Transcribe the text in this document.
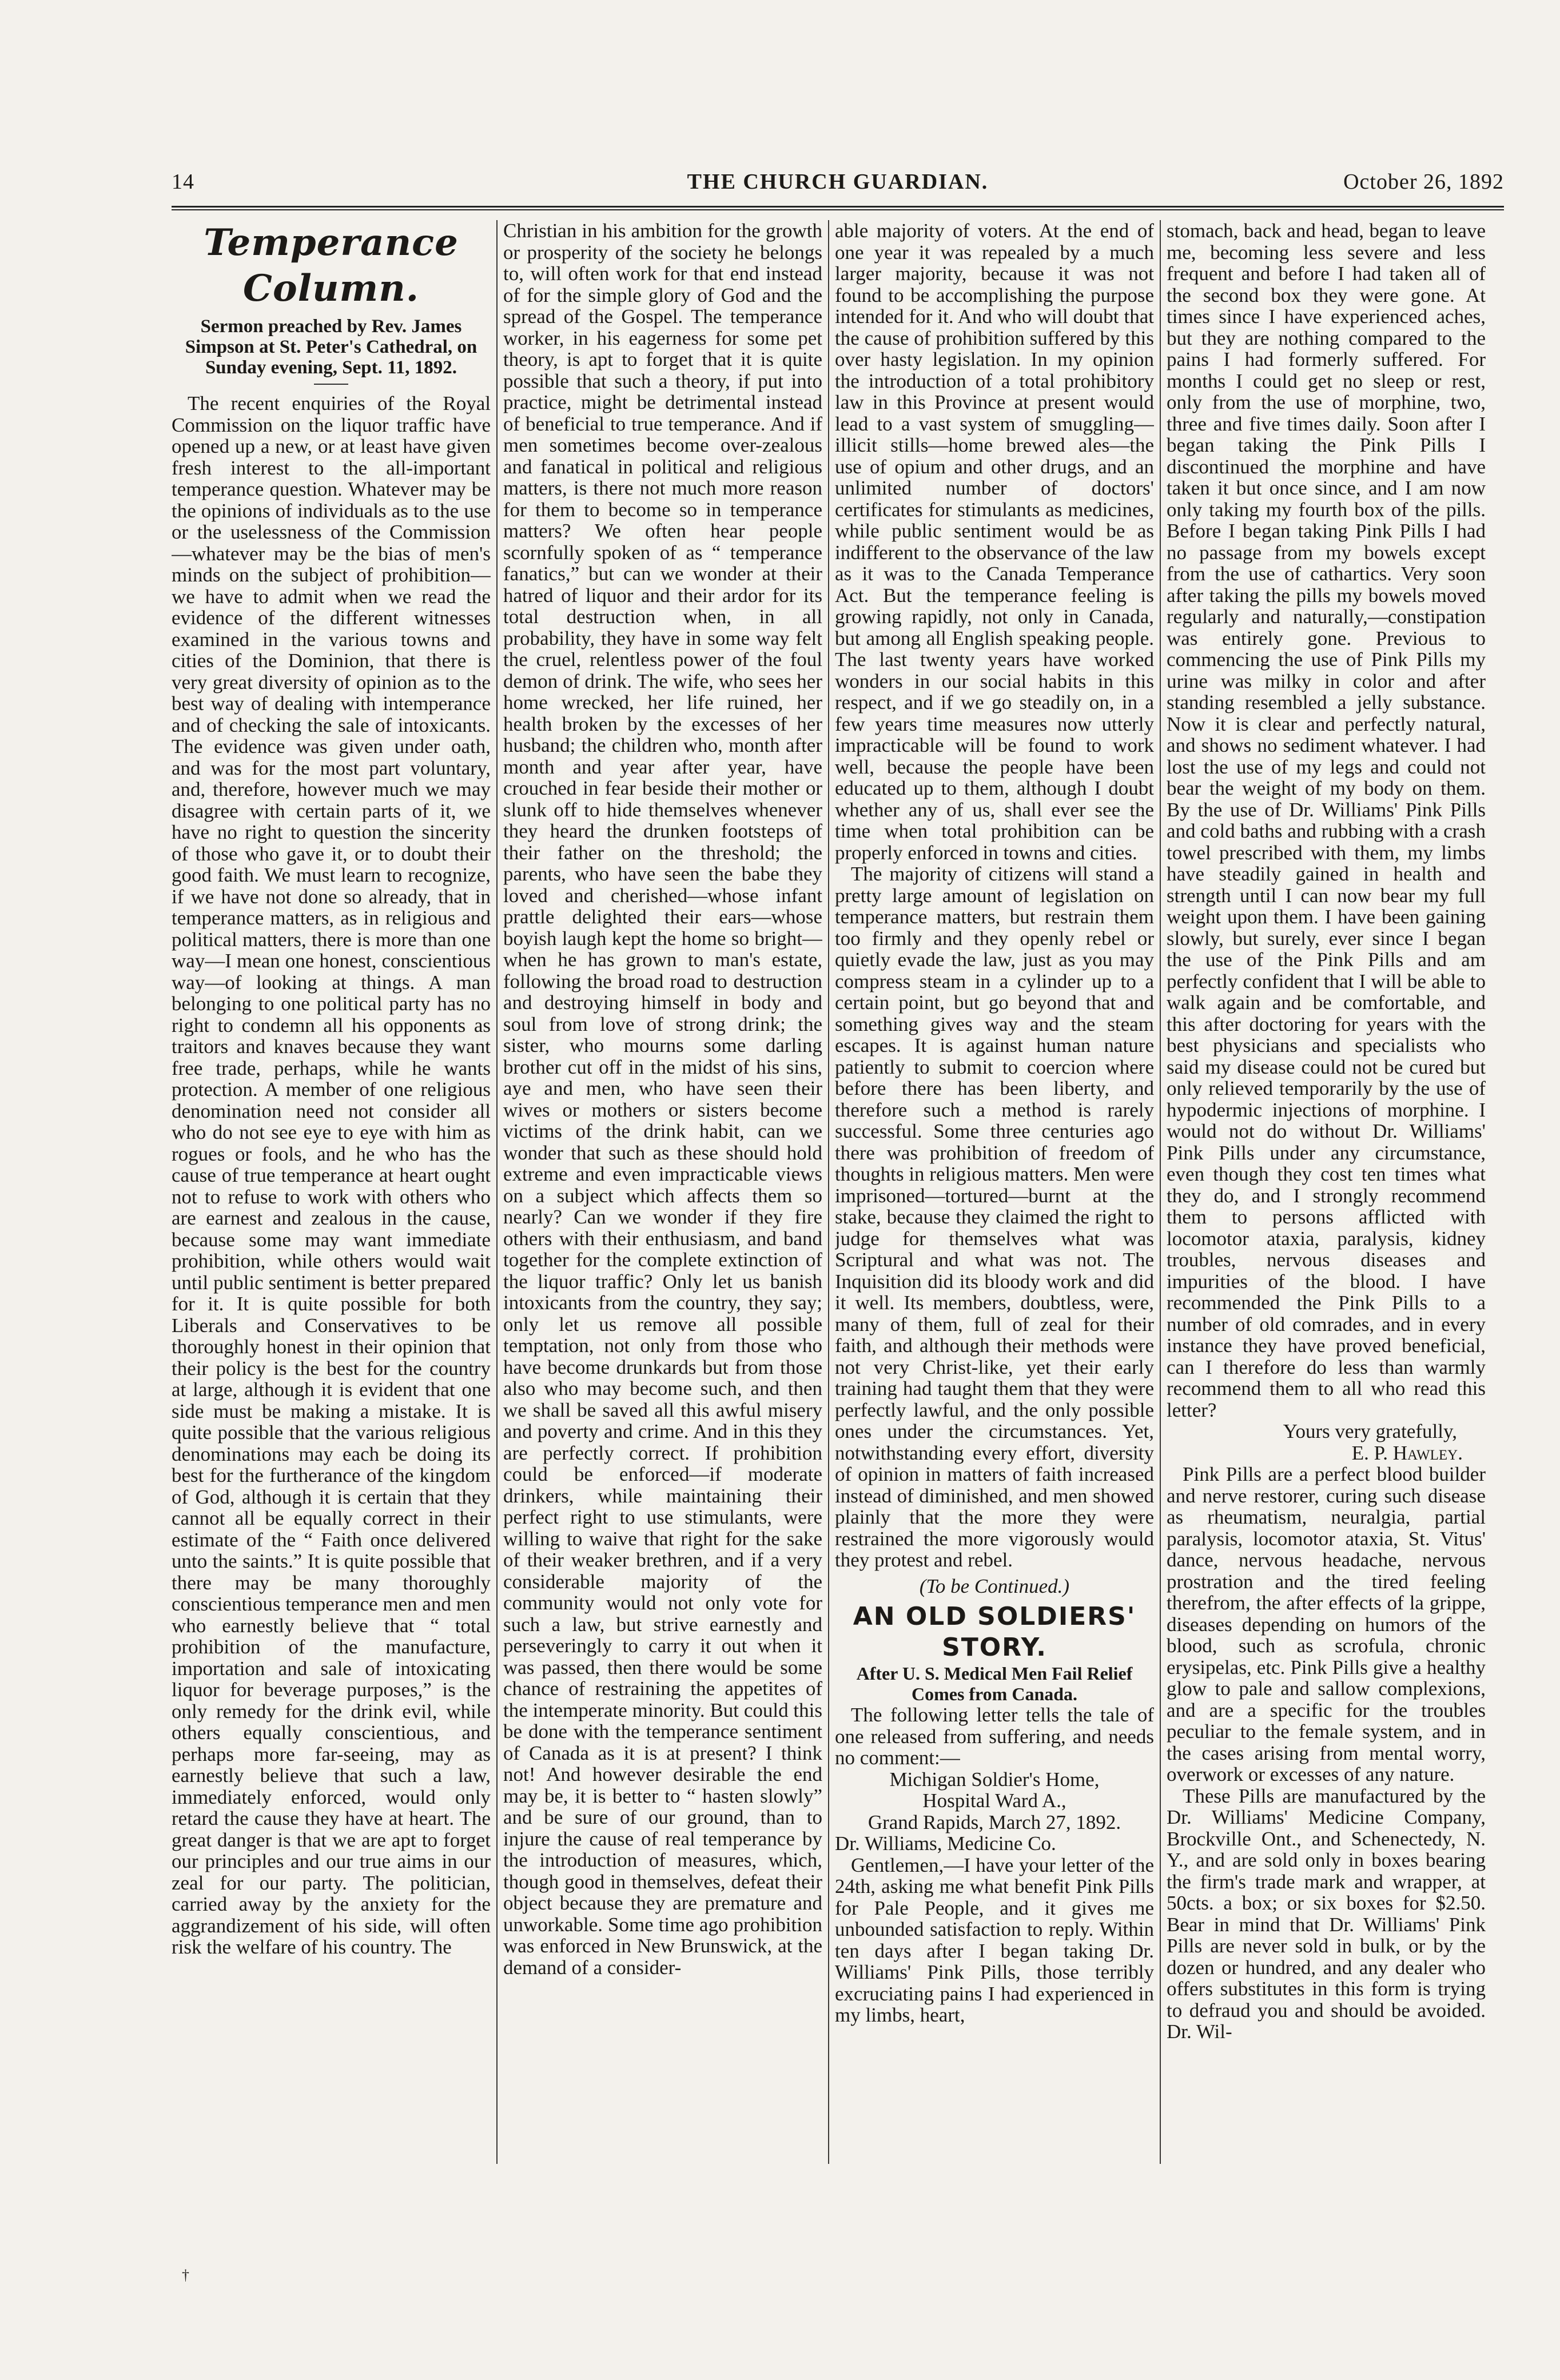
14	THE CHURCH GUARDIAN.	October 26, 1892

Temperance Column.

Sermon preached by Rev. James Simpson at St. Peter's Cathedral, on Sunday evening, Sept. 11, 1892.

The recent enquiries of the Royal Commission on the liquor traffic have opened up a new, or at least have given fresh interest to the all-important temperance question. Whatever may be the opinions of individuals as to the use or the uselessness of the Commission—whatever may be the bias of men's minds on the subject of prohibition—we have to admit when we read the evidence of the different witnesses examined in the various towns and cities of the Dominion, that there is very great diversity of opinion as to the best way of dealing with intemperance and of checking the sale of intoxicants. The evidence was given under oath, and was for the most part voluntary, and, therefore, however much we may disagree with certain parts of it, we have no right to question the sincerity of those who gave it, or to doubt their good faith. We must learn to recognize, if we have not done so already, that in temperance matters, as in religious and political matters, there is more than one way—I mean one honest, conscientious way—of looking at things. A man belonging to one political party has no right to condemn all his opponents as traitors and knaves because they want free trade, perhaps, while he wants protection. A member of one religious denomination need not consider all who do not see eye to eye with him as rogues or fools, and he who has the cause of true temperance at heart ought not to refuse to work with others who are earnest and zealous in the cause, because some may want immediate prohibition, while others would wait until public sentiment is better prepared for it. It is quite possible for both Liberals and Conservatives to be thoroughly honest in their opinion that their policy is the best for the country at large, although it is evident that one side must be making a mistake. It is quite possible that the various religious denominations may each be doing its best for the furtherance of the kingdom of God, although it is certain that they cannot all be equally correct in their estimate of the “ Faith once delivered unto the saints.” It is quite possible that there may be many thoroughly conscientious temperance men and men who earnestly believe that “ total prohibition of the manufacture, importation and sale of intoxicating liquor for beverage purposes,” is the only remedy for the drink evil, while others equally conscientious, and perhaps more far-seeing, may as earnestly believe that such a law, immediately enforced, would only retard the cause they have at heart. The great danger is that we are apt to forget our principles and our true aims in our zeal for our party. The politician, carried away by the anxiety for the aggrandizement of his side, will often risk the welfare of his country. The

Christian in his ambition for the growth or prosperity of the society he belongs to, will often work for that end instead of for the simple glory of God and the spread of the Gospel. The temperance worker, in his eagerness for some pet theory, is apt to forget that it is quite possible that such a theory, if put into practice, might be detrimental instead of beneficial to true temperance. And if men sometimes become over-zealous and fanatical in political and religious matters, is there not much more reason for them to become so in temperance matters? We often hear people scornfully spoken of as “ temperance fanatics,” but can we wonder at their hatred of liquor and their ardor for its total destruction when, in all probability, they have in some way felt the cruel, relentless power of the foul demon of drink. The wife, who sees her home wrecked, her life ruined, her health broken by the excesses of her husband; the children who, month after month and year after year, have crouched in fear beside their mother or slunk off to hide themselves whenever they heard the drunken footsteps of their father on the threshold; the parents, who have seen the babe they loved and cherished—whose infant prattle delighted their ears—whose boyish laugh kept the home so bright—when he has grown to man's estate, following the broad road to destruction and destroying himself in body and soul from love of strong drink; the sister, who mourns some darling brother cut off in the midst of his sins, aye and men, who have seen their wives or mothers or sisters become victims of the drink habit, can we wonder that such as these should hold extreme and even impracticable views on a subject which affects them so nearly? Can we wonder if they fire others with their enthusiasm, and band together for the complete extinction of the liquor traffic? Only let us banish intoxicants from the country, they say; only let us remove all possible temptation, not only from those who have become drunkards but from those also who may become such, and then we shall be saved all this awful misery and poverty and crime. And in this they are perfectly correct. If prohibition could be enforced—if moderate drinkers, while maintaining their perfect right to use stimulants, were willing to waive that right for the sake of their weaker brethren, and if a very considerable majority of the community would not only vote for such a law, but strive earnestly and perseveringly to carry it out when it was passed, then there would be some chance of restraining the appetites of the intemperate minority. But could this be done with the temperance sentiment of Canada as it is at present? I think not! And however desirable the end may be, it is better to “ hasten slowly” and be sure of our ground, than to injure the cause of real temperance by the introduction of measures, which, though good in themselves, defeat their object because they are premature and unworkable. Some time ago prohibition was enforced in New Brunswick, at the demand of a consider-

able majority of voters. At the end of one year it was repealed by a much larger majority, because it was not found to be accomplishing the purpose intended for it. And who will doubt that the cause of prohibition suffered by this over hasty legislation. In my opinion the introduction of a total prohibitory law in this Province at present would lead to a vast system of smuggling—illicit stills—home brewed ales—the use of opium and other drugs, and an unlimited number of doctors' certificates for stimulants as medicines, while public sentiment would be as indifferent to the observance of the law as it was to the Canada Temperance Act. But the temperance feeling is growing rapidly, not only in Canada, but among all English speaking people. The last twenty years have worked wonders in our social habits in this respect, and if we go steadily on, in a few years time measures now utterly impracticable will be found to work well, because the people have been educated up to them, although I doubt whether any of us, shall ever see the time when total prohibition can be properly enforced in towns and cities.

The majority of citizens will stand a pretty large amount of legislation on temperance matters, but restrain them too firmly and they openly rebel or quietly evade the law, just as you may compress steam in a cylinder up to a certain point, but go beyond that and something gives way and the steam escapes. It is against human nature patiently to submit to coercion where before there has been liberty, and therefore such a method is rarely successful. Some three centuries ago there was prohibition of freedom of thoughts in religious matters. Men were imprisoned—tortured—burnt at the stake, because they claimed the right to judge for themselves what was Scriptural and what was not. The Inquisition did its bloody work and did it well. Its members, doubtless, were, many of them, full of zeal for their faith, and although their methods were not very Christ-like, yet their early training had taught them that they were perfectly lawful, and the only possible ones under the circumstances. Yet, notwithstanding every effort, diversity of opinion in matters of faith increased instead of diminished, and men showed plainly that the more they were restrained the more vigorously would they protest and rebel.

(To be Continued.)

AN OLD SOLDIERS' STORY.

After U. S. Medical Men Fail Relief Comes from Canada.

The following letter tells the tale of one released from suffering, and needs no comment:—

Michigan Soldier's Home,

Hospital Ward A.,

Grand Rapids, March 27, 1892.

Dr. Williams, Medicine Co.

Gentlemen,—I have your letter of the 24th, asking me what benefit Pink Pills for Pale People, and it gives me unbounded satisfaction to reply. Within ten days after I began taking Dr. Williams' Pink Pills, those terribly excruciating pains I had experienced in my limbs, heart,

stomach, back and head, began to leave me, becoming less severe and less frequent and before I had taken all of the second box they were gone. At times since I have experienced aches, but they are nothing compared to the pains I had formerly suffered. For months I could get no sleep or rest, only from the use of morphine, two, three and five times daily. Soon after I began taking the Pink Pills I discontinued the morphine and have taken it but once since, and I am now only taking my fourth box of the pills. Before I began taking Pink Pills I had no passage from my bowels except from the use of cathartics. Very soon after taking the pills my bowels moved regularly and naturally,—constipation was entirely gone. Previous to commencing the use of Pink Pills my urine was milky in color and after standing resembled a jelly substance. Now it is clear and perfectly natural, and shows no sediment whatever. I had lost the use of my legs and could not bear the weight of my body on them. By the use of Dr. Williams' Pink Pills and cold baths and rubbing with a crash towel prescribed with them, my limbs have steadily gained in health and strength until I can now bear my full weight upon them. I have been gaining slowly, but surely, ever since I began the use of the Pink Pills and am perfectly confident that I will be able to walk again and be comfortable, and this after doctoring for years with the best physicians and specialists who said my disease could not be cured but only relieved temporarily by the use of hypodermic injections of morphine. I would not do without Dr. Williams' Pink Pills under any circumstance, even though they cost ten times what they do, and I strongly recommend them to persons afflicted with locomotor ataxia, paralysis, kidney troubles, nervous diseases and impurities of the blood. I have recommended the Pink Pills to a number of old comrades, and in every instance they have proved beneficial, can I therefore do less than warmly recommend them to all who read this letter?

Yours very gratefully,

E. P. Hawley.

Pink Pills are a perfect blood builder and nerve restorer, curing such disease as rheumatism, neuralgia, partial paralysis, locomotor ataxia, St. Vitus' dance, nervous headache, nervous prostration and the tired feeling therefrom, the after effects of la grippe, diseases depending on humors of the blood, such as scrofula, chronic erysipelas, etc. Pink Pills give a healthy glow to pale and sallow complexions, and are a specific for the troubles peculiar to the female system, and in the cases arising from mental worry, overwork or excesses of any nature.

These Pills are manufactured by the Dr. Williams' Medicine Company, Brockville Ont., and Schenectedy, N. Y., and are sold only in boxes bearing the firm's trade mark and wrapper, at 50cts. a box; or six boxes for $2.50. Bear in mind that Dr. Williams' Pink Pills are never sold in bulk, or by the dozen or hundred, and any dealer who offers substitutes in this form is trying to defraud you and should be avoided. Dr. Wil-

†
